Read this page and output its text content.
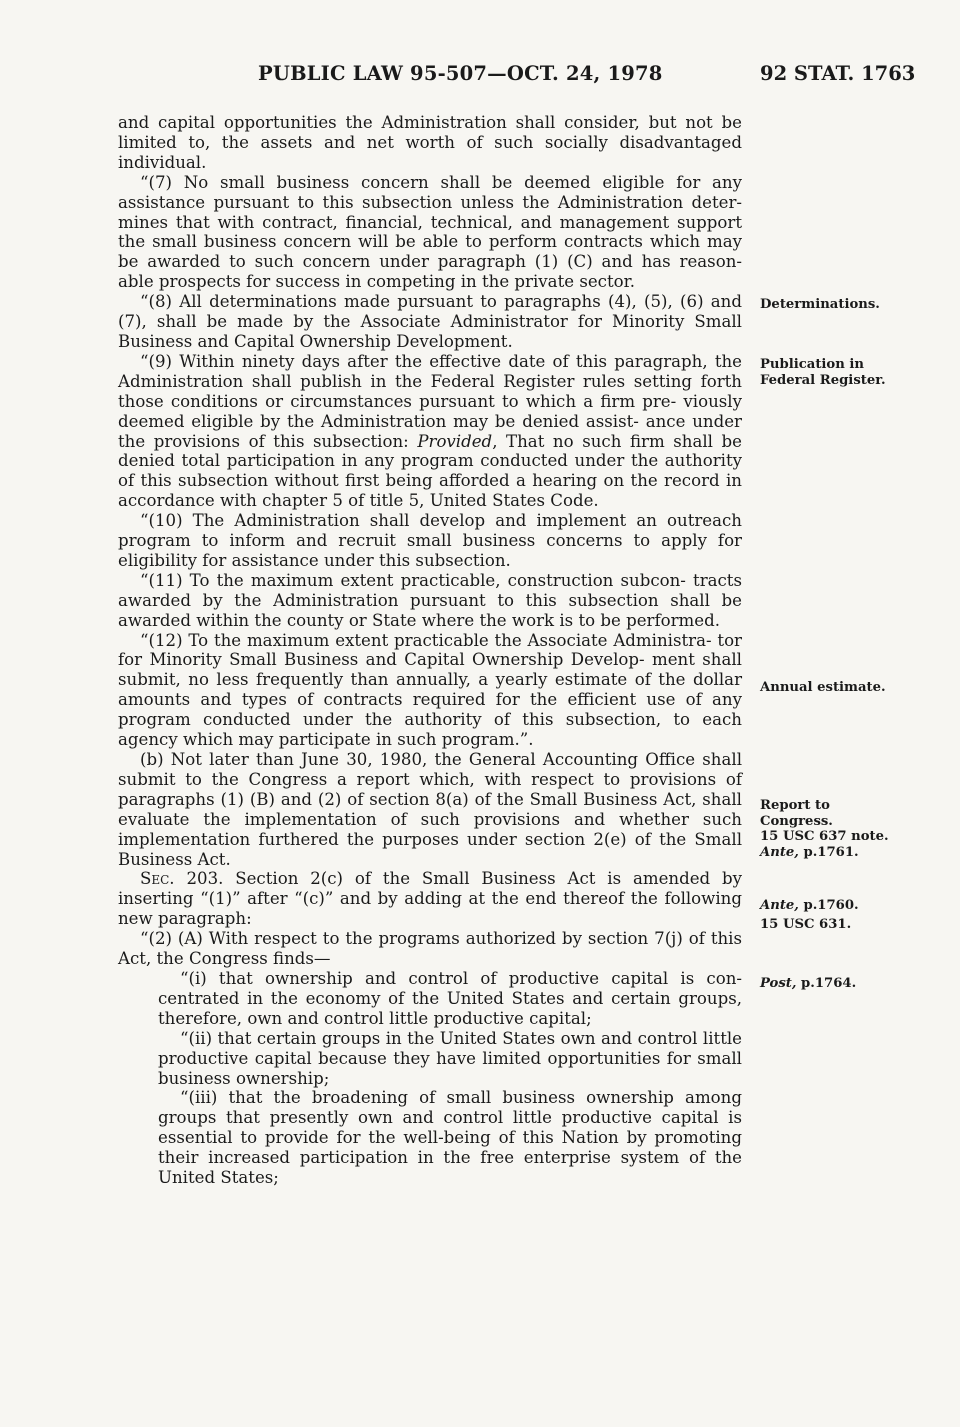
PUBLIC LAW 95-507—OCT. 24, 1978	92 STAT. 1763

and capital opportunities the Administration shall consider, but not be limited to, the assets and net worth of such socially disadvantaged individual.

“(7) No small business concern shall be deemed eligible for any assistance pursuant to this subsection unless the Administration deter- mines that with contract, financial, technical, and management support the small business concern will be able to perform contracts which may be awarded to such concern under paragraph (1) (C) and has reason- able prospects for success in competing in the private sector.

“(8) All determinations made pursuant to paragraphs (4), (5), (6) and (7), shall be made by the Associate Administrator for Minority Small Business and Capital Ownership Development.

“(9) Within ninety days after the effective date of this paragraph, the Administration shall publish in the Federal Register rules setting forth those conditions or circumstances pursuant to which a firm pre- viously deemed eligible by the Administration may be denied assist- ance under the provisions of this subsection: Provided, That no such firm shall be denied total participation in any program conducted under the authority of this subsection without first being afforded a hearing on the record in accordance with chapter 5 of title 5, United States Code.

“(10) The Administration shall develop and implement an outreach program to inform and recruit small business concerns to apply for eligibility for assistance under this subsection.

“(11) To the maximum extent practicable, construction subcon- tracts awarded by the Administration pursuant to this subsection shall be awarded within the county or State where the work is to be performed.

“(12) To the maximum extent practicable the Associate Administra- tor for Minority Small Business and Capital Ownership Develop- ment shall submit, no less frequently than annually, a yearly estimate of the dollar amounts and types of contracts required for the efficient use of any program conducted under the authority of this subsection, to each agency which may participate in such program.”.

(b) Not later than June 30, 1980, the General Accounting Office shall submit to the Congress a report which, with respect to provisions of paragraphs (1) (B) and (2) of section 8(a) of the Small Business Act, shall evaluate the implementation of such provisions and whether such implementation furthered the purposes under section 2(e) of the Small Business Act.

Sec. 203. Section 2(c) of the Small Business Act is amended by inserting “(1)” after “(c)” and by adding at the end thereof the following new paragraph:

“(2) (A) With respect to the programs authorized by section 7(j) of this Act, the Congress finds—

“(i) that ownership and control of productive capital is con- centrated in the economy of the United States and certain groups, therefore, own and control little productive capital;

“(ii) that certain groups in the United States own and control little productive capital because they have limited opportunities for small business ownership;

“(iii) that the broadening of small business ownership among groups that presently own and control little productive capital is essential to provide for the well-being of this Nation by promoting their increased participation in the free enterprise system of the United States;

Determinations.
Publication in
Federal Register.
Annual estimate.
Report to
Congress.
15 USC 637 note.
Ante, p.1761.
Ante, p.1760.
15 USC 631.
Post, p.1764.
